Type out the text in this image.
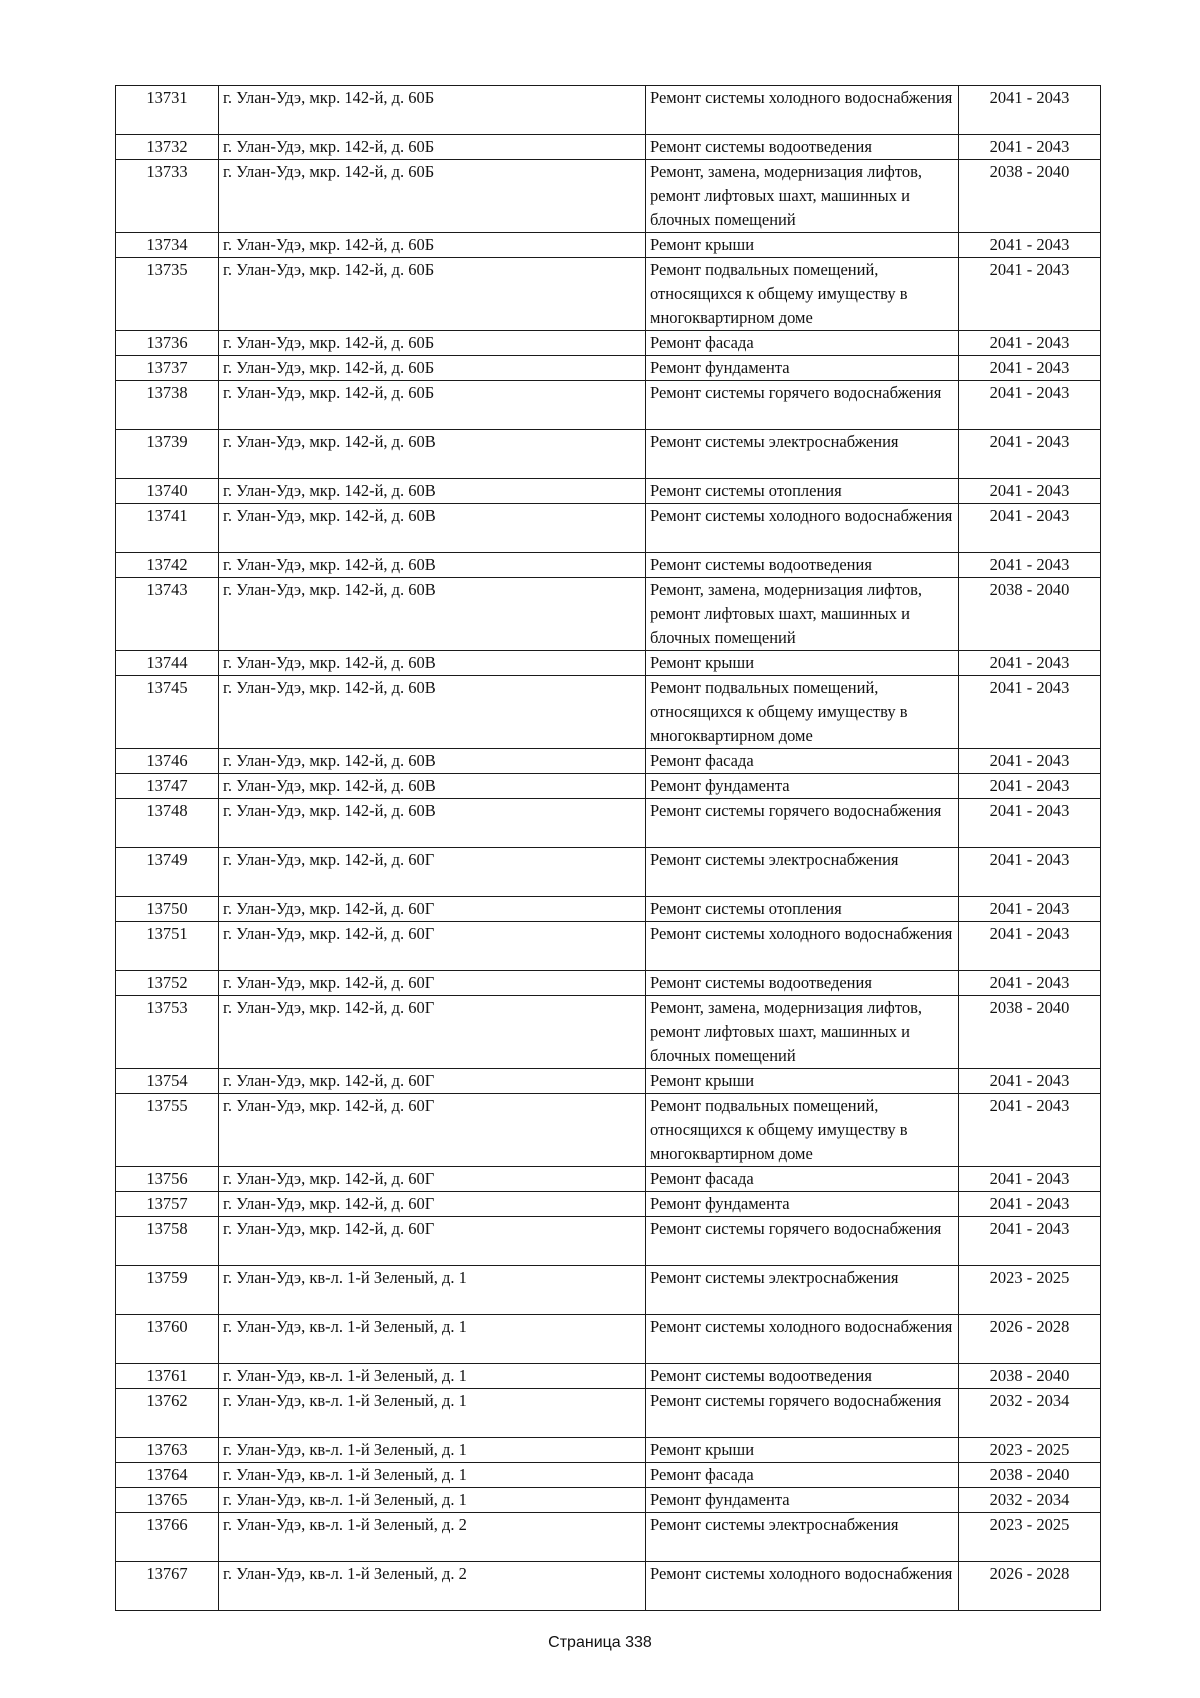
13731	г. Улан-Удэ, мкр. 142-й, д. 60Б	Ремонт системы холодного водоснабжения	2041 - 2043
13732	г. Улан-Удэ, мкр. 142-й, д. 60Б	Ремонт системы водоотведения	2041 - 2043
13733	г. Улан-Удэ, мкр. 142-й, д. 60Б	Ремонт, замена, модернизация лифтов, ремонт лифтовых шахт, машинных и блочных помещений	2038 - 2040
13734	г. Улан-Удэ, мкр. 142-й, д. 60Б	Ремонт крыши	2041 - 2043
13735	г. Улан-Удэ, мкр. 142-й, д. 60Б	Ремонт подвальных помещений, относящихся к общему имуществу в многоквартирном доме	2041 - 2043
13736	г. Улан-Удэ, мкр. 142-й, д. 60Б	Ремонт фасада	2041 - 2043
13737	г. Улан-Удэ, мкр. 142-й, д. 60Б	Ремонт фундамента	2041 - 2043
13738	г. Улан-Удэ, мкр. 142-й, д. 60Б	Ремонт системы горячего водоснабжения	2041 - 2043
13739	г. Улан-Удэ, мкр. 142-й, д. 60В	Ремонт системы электроснабжения	2041 - 2043
13740	г. Улан-Удэ, мкр. 142-й, д. 60В	Ремонт системы отопления	2041 - 2043
13741	г. Улан-Удэ, мкр. 142-й, д. 60В	Ремонт системы холодного водоснабжения	2041 - 2043
13742	г. Улан-Удэ, мкр. 142-й, д. 60В	Ремонт системы водоотведения	2041 - 2043
13743	г. Улан-Удэ, мкр. 142-й, д. 60В	Ремонт, замена, модернизация лифтов, ремонт лифтовых шахт, машинных и блочных помещений	2038 - 2040
13744	г. Улан-Удэ, мкр. 142-й, д. 60В	Ремонт крыши	2041 - 2043
13745	г. Улан-Удэ, мкр. 142-й, д. 60В	Ремонт подвальных помещений, относящихся к общему имуществу в многоквартирном доме	2041 - 2043
13746	г. Улан-Удэ, мкр. 142-й, д. 60В	Ремонт фасада	2041 - 2043
13747	г. Улан-Удэ, мкр. 142-й, д. 60В	Ремонт фундамента	2041 - 2043
13748	г. Улан-Удэ, мкр. 142-й, д. 60В	Ремонт системы горячего водоснабжения	2041 - 2043
13749	г. Улан-Удэ, мкр. 142-й, д. 60Г	Ремонт системы электроснабжения	2041 - 2043
13750	г. Улан-Удэ, мкр. 142-й, д. 60Г	Ремонт системы отопления	2041 - 2043
13751	г. Улан-Удэ, мкр. 142-й, д. 60Г	Ремонт системы холодного водоснабжения	2041 - 2043
13752	г. Улан-Удэ, мкр. 142-й, д. 60Г	Ремонт системы водоотведения	2041 - 2043
13753	г. Улан-Удэ, мкр. 142-й, д. 60Г	Ремонт, замена, модернизация лифтов, ремонт лифтовых шахт, машинных и блочных помещений	2038 - 2040
13754	г. Улан-Удэ, мкр. 142-й, д. 60Г	Ремонт крыши	2041 - 2043
13755	г. Улан-Удэ, мкр. 142-й, д. 60Г	Ремонт подвальных помещений, относящихся к общему имуществу в многоквартирном доме	2041 - 2043
13756	г. Улан-Удэ, мкр. 142-й, д. 60Г	Ремонт фасада	2041 - 2043
13757	г. Улан-Удэ, мкр. 142-й, д. 60Г	Ремонт фундамента	2041 - 2043
13758	г. Улан-Удэ, мкр. 142-й, д. 60Г	Ремонт системы горячего водоснабжения	2041 - 2043
13759	г. Улан-Удэ, кв-л. 1-й Зеленый, д. 1	Ремонт системы электроснабжения	2023 - 2025
13760	г. Улан-Удэ, кв-л. 1-й Зеленый, д. 1	Ремонт системы холодного водоснабжения	2026 - 2028
13761	г. Улан-Удэ, кв-л. 1-й Зеленый, д. 1	Ремонт системы водоотведения	2038 - 2040
13762	г. Улан-Удэ, кв-л. 1-й Зеленый, д. 1	Ремонт системы горячего водоснабжения	2032 - 2034
13763	г. Улан-Удэ, кв-л. 1-й Зеленый, д. 1	Ремонт крыши	2023 - 2025
13764	г. Улан-Удэ, кв-л. 1-й Зеленый, д. 1	Ремонт фасада	2038 - 2040
13765	г. Улан-Удэ, кв-л. 1-й Зеленый, д. 1	Ремонт фундамента	2032 - 2034
13766	г. Улан-Удэ, кв-л. 1-й Зеленый, д. 2	Ремонт системы электроснабжения	2023 - 2025
13767	г. Улан-Удэ, кв-л. 1-й Зеленый, д. 2	Ремонт системы холодного водоснабжения	2026 - 2028
Страница 338
